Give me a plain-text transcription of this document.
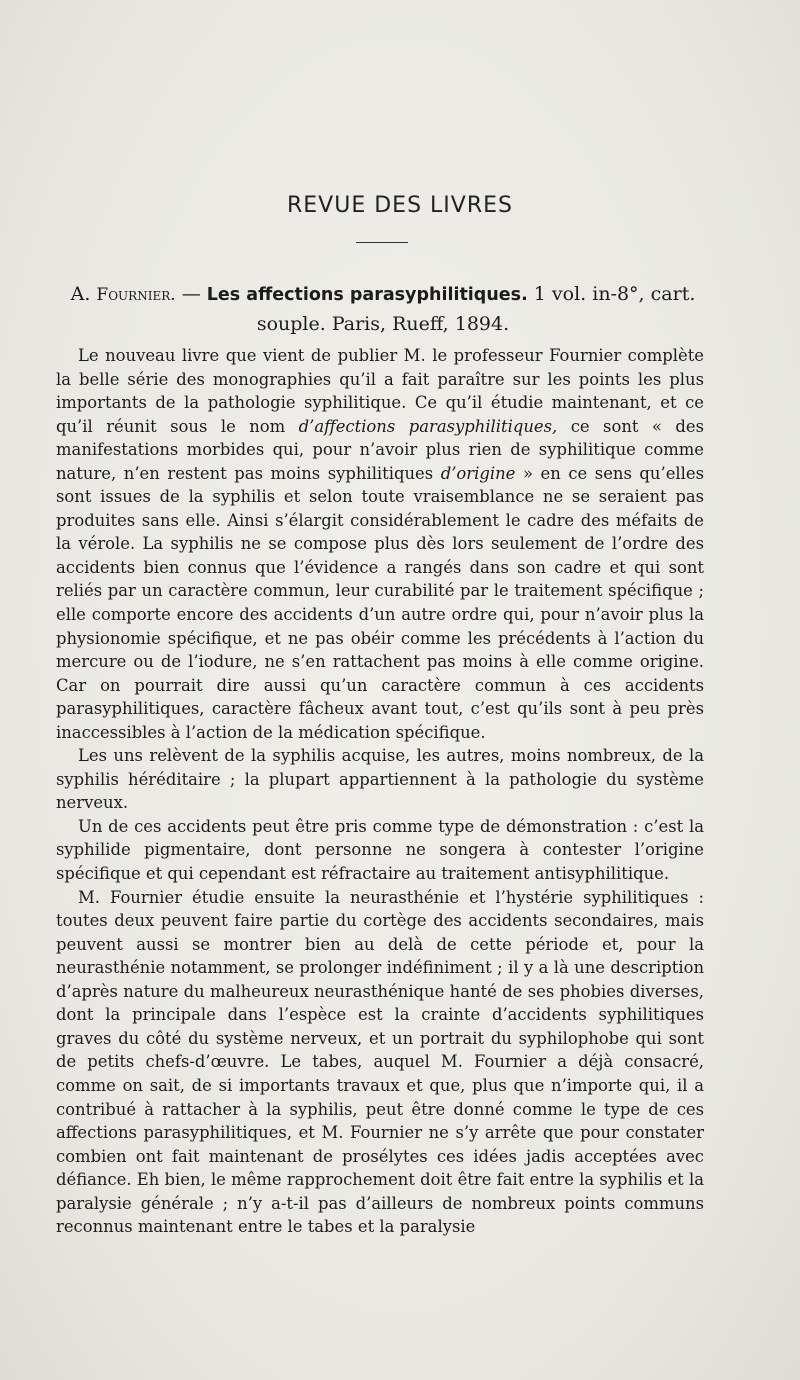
REVUE DES LIVRES
A. Fournier. — Les affections parasyphilitiques. 1 vol. in-8°, cart.
souple. Paris, Rueff, 1894.

Le nouveau livre que vient de publier M. le professeur Fournier complète la belle série des monographies qu’il a fait paraître sur les points les plus importants de la pathologie syphilitique. Ce qu’il étudie maintenant, et ce qu’il réunit sous le nom d’affections parasyphilitiques, ce sont « des manifestations morbides qui, pour n’avoir plus rien de syphilitique comme nature, n’en restent pas moins syphilitiques d’origine » en ce sens qu’elles sont issues de la syphilis et selon toute vraisemblance ne se seraient pas produites sans elle. Ainsi s’élargit considérablement le cadre des méfaits de la vérole. La syphilis ne se compose plus dès lors seulement de l’ordre des accidents bien connus que l’évidence a rangés dans son cadre et qui sont reliés par un caractère commun, leur curabilité par le traitement spécifique ; elle comporte encore des accidents d’un autre ordre qui, pour n’avoir plus la physionomie spécifique, et ne pas obéir comme les précédents à l’action du mercure ou de l’iodure, ne s’en rattachent pas moins à elle comme origine. Car on pourrait dire aussi qu’un caractère commun à ces accidents parasyphilitiques, caractère fâcheux avant tout, c’est qu’ils sont à peu près inaccessibles à l’action de la médication spécifique.

Les uns relèvent de la syphilis acquise, les autres, moins nombreux, de la syphilis héréditaire ; la plupart appartiennent à la pathologie du système nerveux.

Un de ces accidents peut être pris comme type de démonstration : c’est la syphilide pigmentaire, dont personne ne songera à contester l’origine spécifique et qui cependant est réfractaire au traitement antisyphilitique.

M. Fournier étudie ensuite la neurasthénie et l’hystérie syphilitiques : toutes deux peuvent faire partie du cortège des accidents secondaires, mais peuvent aussi se montrer bien au delà de cette période et, pour la neurasthénie notamment, se prolonger indéfiniment ; il y a là une description d’après nature du malheureux neurasthénique hanté de ses phobies diverses, dont la principale dans l’espèce est la crainte d’accidents syphilitiques graves du côté du système nerveux, et un portrait du syphilophobe qui sont de petits chefs-d’œuvre. Le tabes, auquel M. Fournier a déjà consacré, comme on sait, de si importants travaux et que, plus que n’importe qui, il a contribué à rattacher à la syphilis, peut être donné comme le type de ces affections parasyphilitiques, et M. Fournier ne s’y arrête que pour constater combien ont fait maintenant de prosélytes ces idées jadis acceptées avec défiance. Eh bien, le même rapprochement doit être fait entre la syphilis et la paralysie générale ; n’y a-t-il pas d’ailleurs de nombreux points communs reconnus maintenant entre le tabes et la paralysie
